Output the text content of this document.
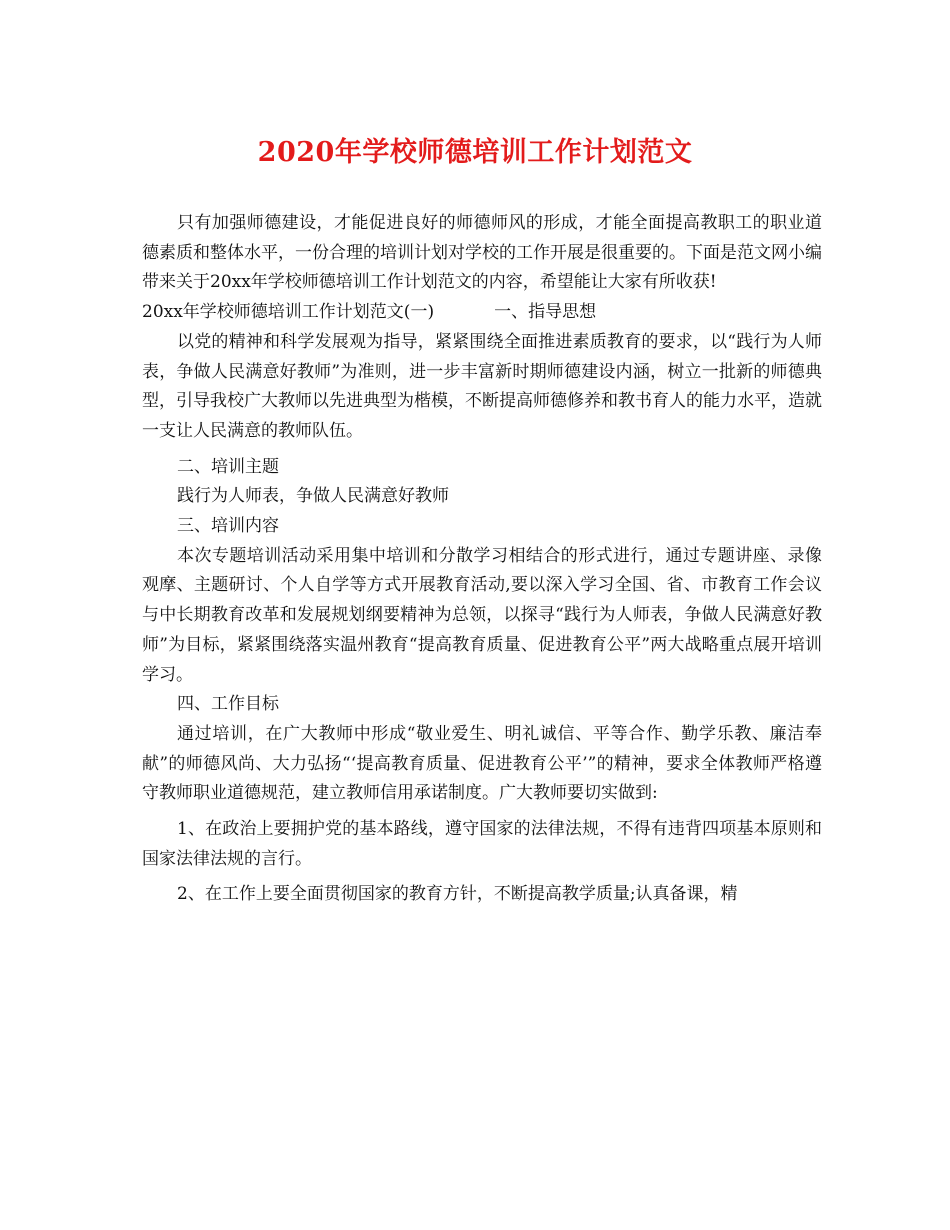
2020年学校师德培训工作计划范文

只有加强师德建设，才能促进良好的师德师风的形成，才能全面提高教职工的职业道德素质和整体水平，一份合理的培训计划对学校的工作开展是很重要的。下面是范文网小编带来关于20xx年学校师德培训工作计划范文的内容，希望能让大家有所收获!

20xx年学校师德培训工作计划范文(一)	一、指导思想

以党的精神和科学发展观为指导，紧紧围绕全面推进素质教育的要求，以“践行为人师表，争做人民满意好教师”为准则，进一步丰富新时期师德建设内涵，树立一批新的师德典型，引导我校广大教师以先进典型为楷模，不断提高师德修养和教书育人的能力水平，造就一支让人民满意的教师队伍。

二、培训主题

践行为人师表，争做人民满意好教师

三、培训内容

本次专题培训活动采用集中培训和分散学习相结合的形式进行，通过专题讲座、录像观摩、主题研讨、个人自学等方式开展教育活动,要以深入学习全国、省、市教育工作会议与中长期教育改革和发展规划纲要精神为总领，以探寻“践行为人师表，争做人民满意好教师”为目标，紧紧围绕落实温州教育“提高教育质量、促进教育公平”两大战略重点展开培训学习。

四、工作目标

通过培训，在广大教师中形成“敬业爱生、明礼诚信、平等合作、勤学乐教、廉洁奉献”的师德风尚、大力弘扬“‘提高教育质量、促进教育公平’”的精神，要求全体教师严格遵守教师职业道德规范，建立教师信用承诺制度。广大教师要切实做到:

1、在政治上要拥护党的基本路线，遵守国家的法律法规，不得有违背四项基本原则和国家法律法规的言行。

2、在工作上要全面贯彻国家的教育方针，不断提高教学质量;认真备课，精
